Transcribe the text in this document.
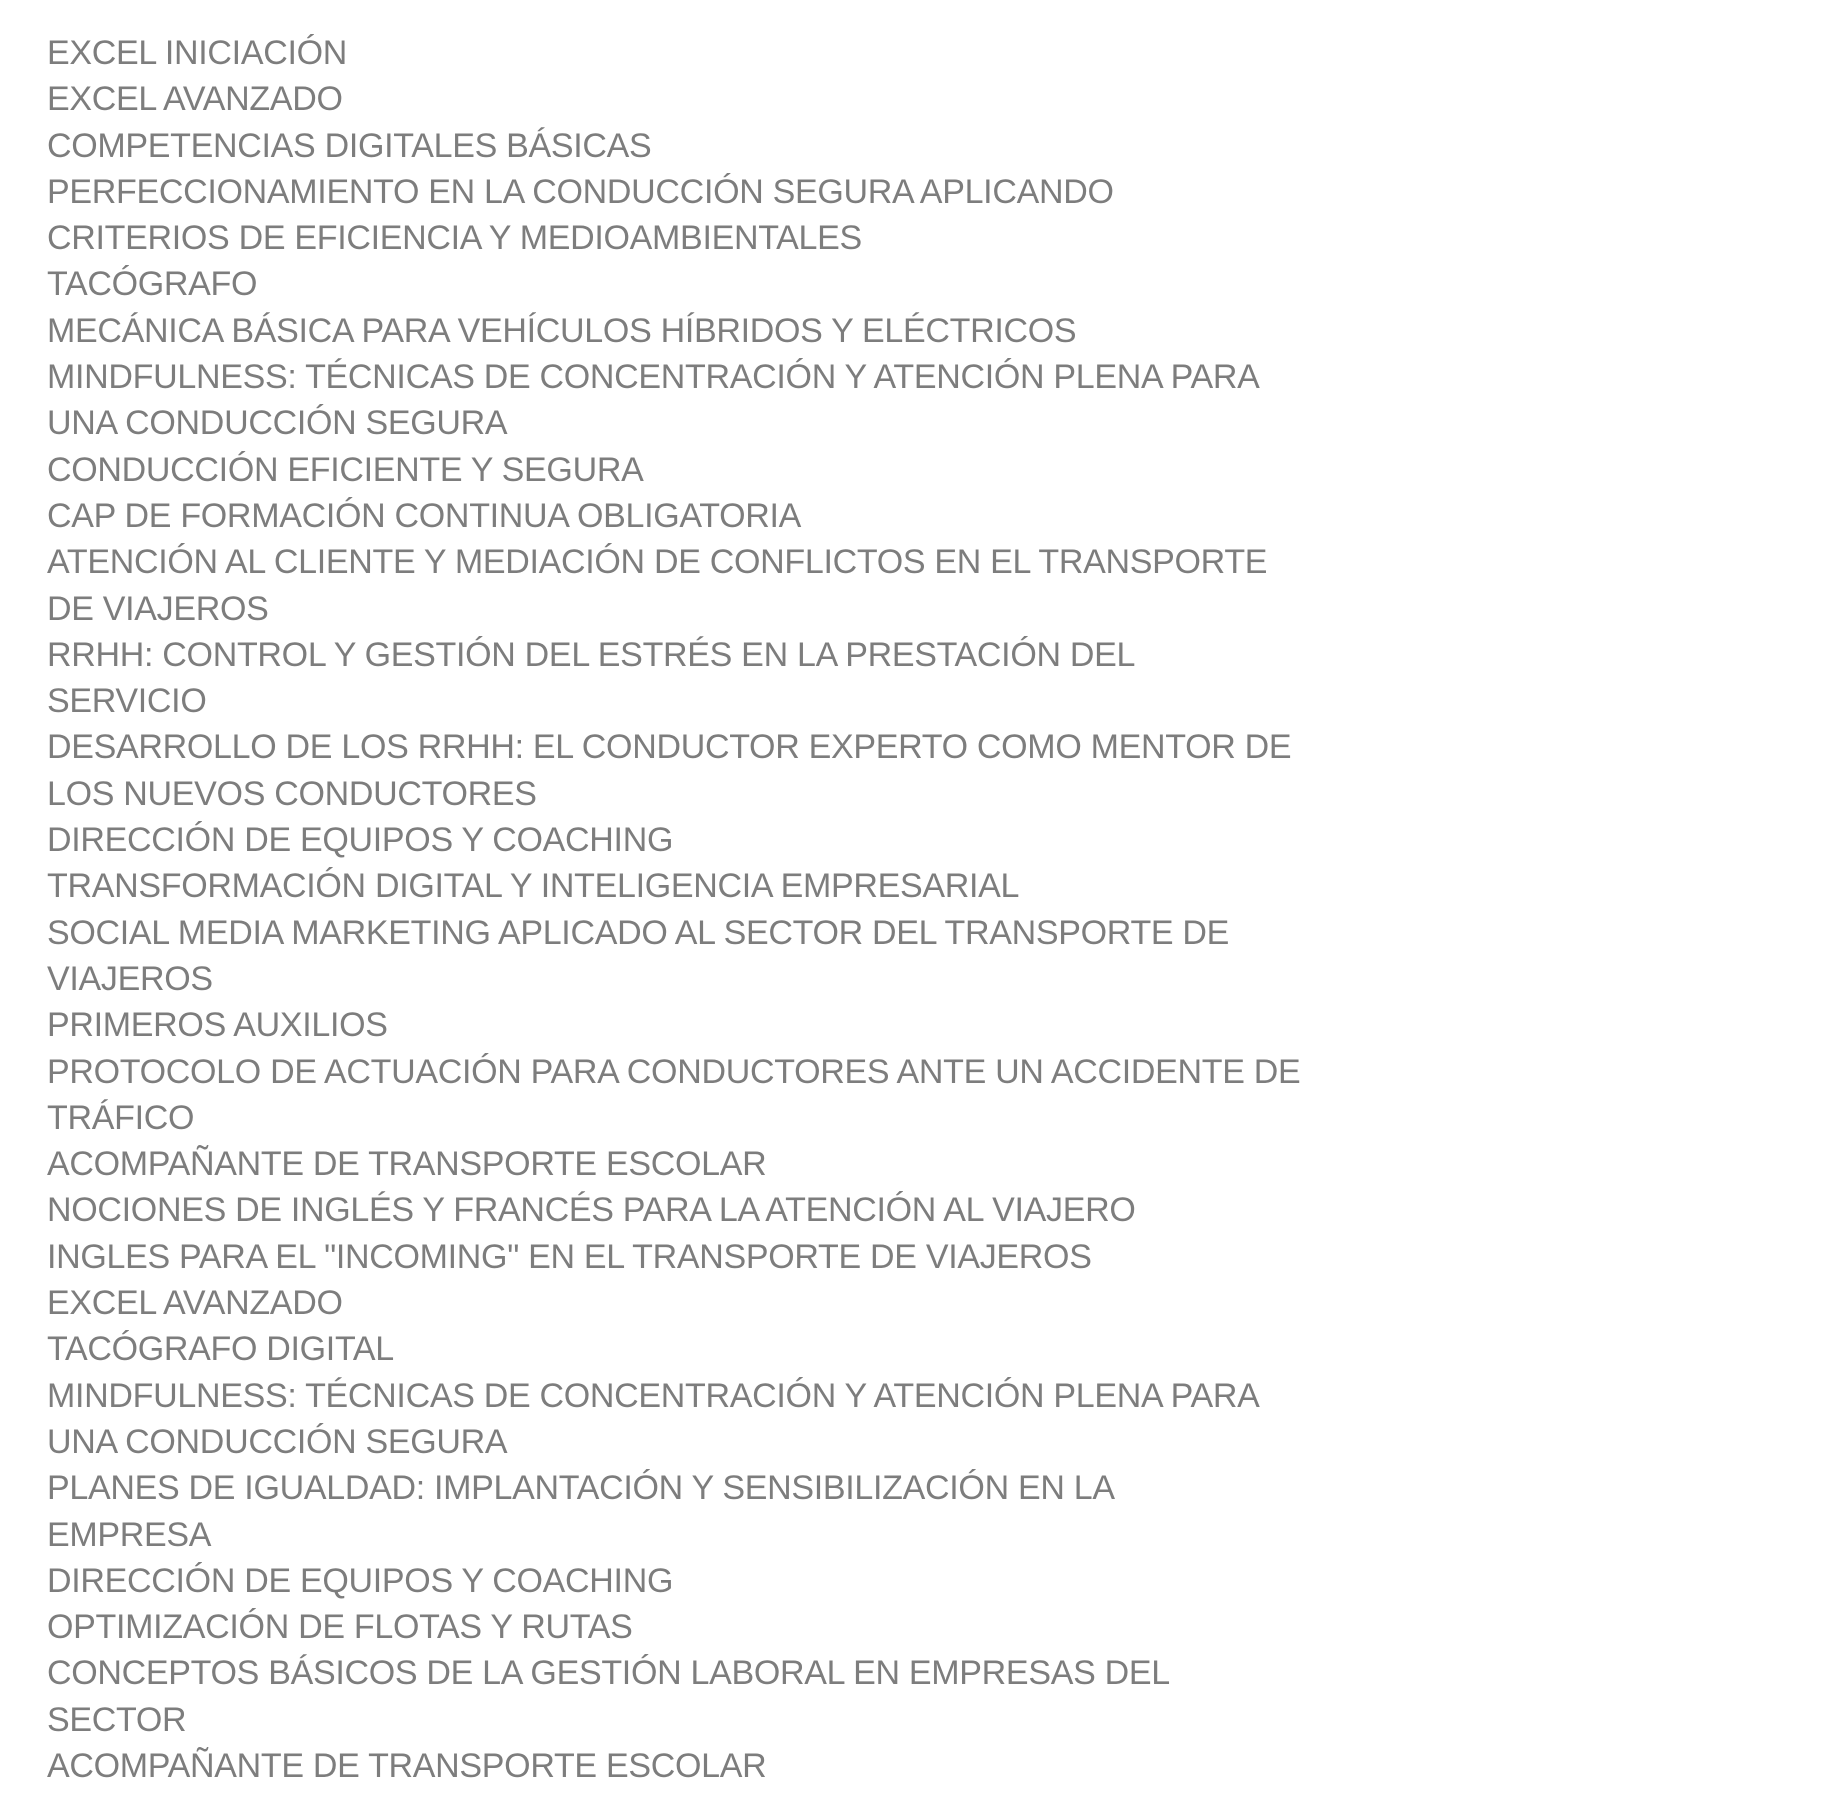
EXCEL INICIACIÓN
EXCEL AVANZADO
COMPETENCIAS DIGITALES BÁSICAS
PERFECCIONAMIENTO EN LA CONDUCCIÓN SEGURA APLICANDO
CRITERIOS DE EFICIENCIA Y MEDIOAMBIENTALES
TACÓGRAFO
MECÁNICA BÁSICA PARA VEHÍCULOS HÍBRIDOS Y ELÉCTRICOS
MINDFULNESS: TÉCNICAS DE CONCENTRACIÓN Y ATENCIÓN PLENA PARA
UNA CONDUCCIÓN SEGURA
CONDUCCIÓN EFICIENTE Y SEGURA
CAP DE FORMACIÓN CONTINUA OBLIGATORIA
ATENCIÓN AL CLIENTE Y MEDIACIÓN DE CONFLICTOS EN EL TRANSPORTE
DE VIAJEROS
RRHH: CONTROL Y GESTIÓN DEL ESTRÉS EN LA PRESTACIÓN DEL
SERVICIO
DESARROLLO DE LOS RRHH: EL CONDUCTOR EXPERTO COMO MENTOR DE
LOS NUEVOS CONDUCTORES
DIRECCIÓN DE EQUIPOS Y COACHING
TRANSFORMACIÓN DIGITAL Y INTELIGENCIA EMPRESARIAL
SOCIAL MEDIA MARKETING APLICADO AL SECTOR DEL TRANSPORTE DE
VIAJEROS
PRIMEROS AUXILIOS
PROTOCOLO DE ACTUACIÓN PARA CONDUCTORES ANTE UN ACCIDENTE DE
TRÁFICO
ACOMPAÑANTE DE TRANSPORTE ESCOLAR
NOCIONES DE INGLÉS Y FRANCÉS PARA LA ATENCIÓN AL VIAJERO
INGLES PARA EL "INCOMING" EN EL TRANSPORTE DE VIAJEROS
EXCEL AVANZADO
TACÓGRAFO DIGITAL
MINDFULNESS: TÉCNICAS DE CONCENTRACIÓN Y ATENCIÓN PLENA PARA
UNA CONDUCCIÓN SEGURA
PLANES DE IGUALDAD: IMPLANTACIÓN Y SENSIBILIZACIÓN EN LA
EMPRESA
DIRECCIÓN DE EQUIPOS Y COACHING
OPTIMIZACIÓN DE FLOTAS Y RUTAS
CONCEPTOS BÁSICOS DE LA GESTIÓN LABORAL EN EMPRESAS DEL
SECTOR
ACOMPAÑANTE DE TRANSPORTE ESCOLAR
